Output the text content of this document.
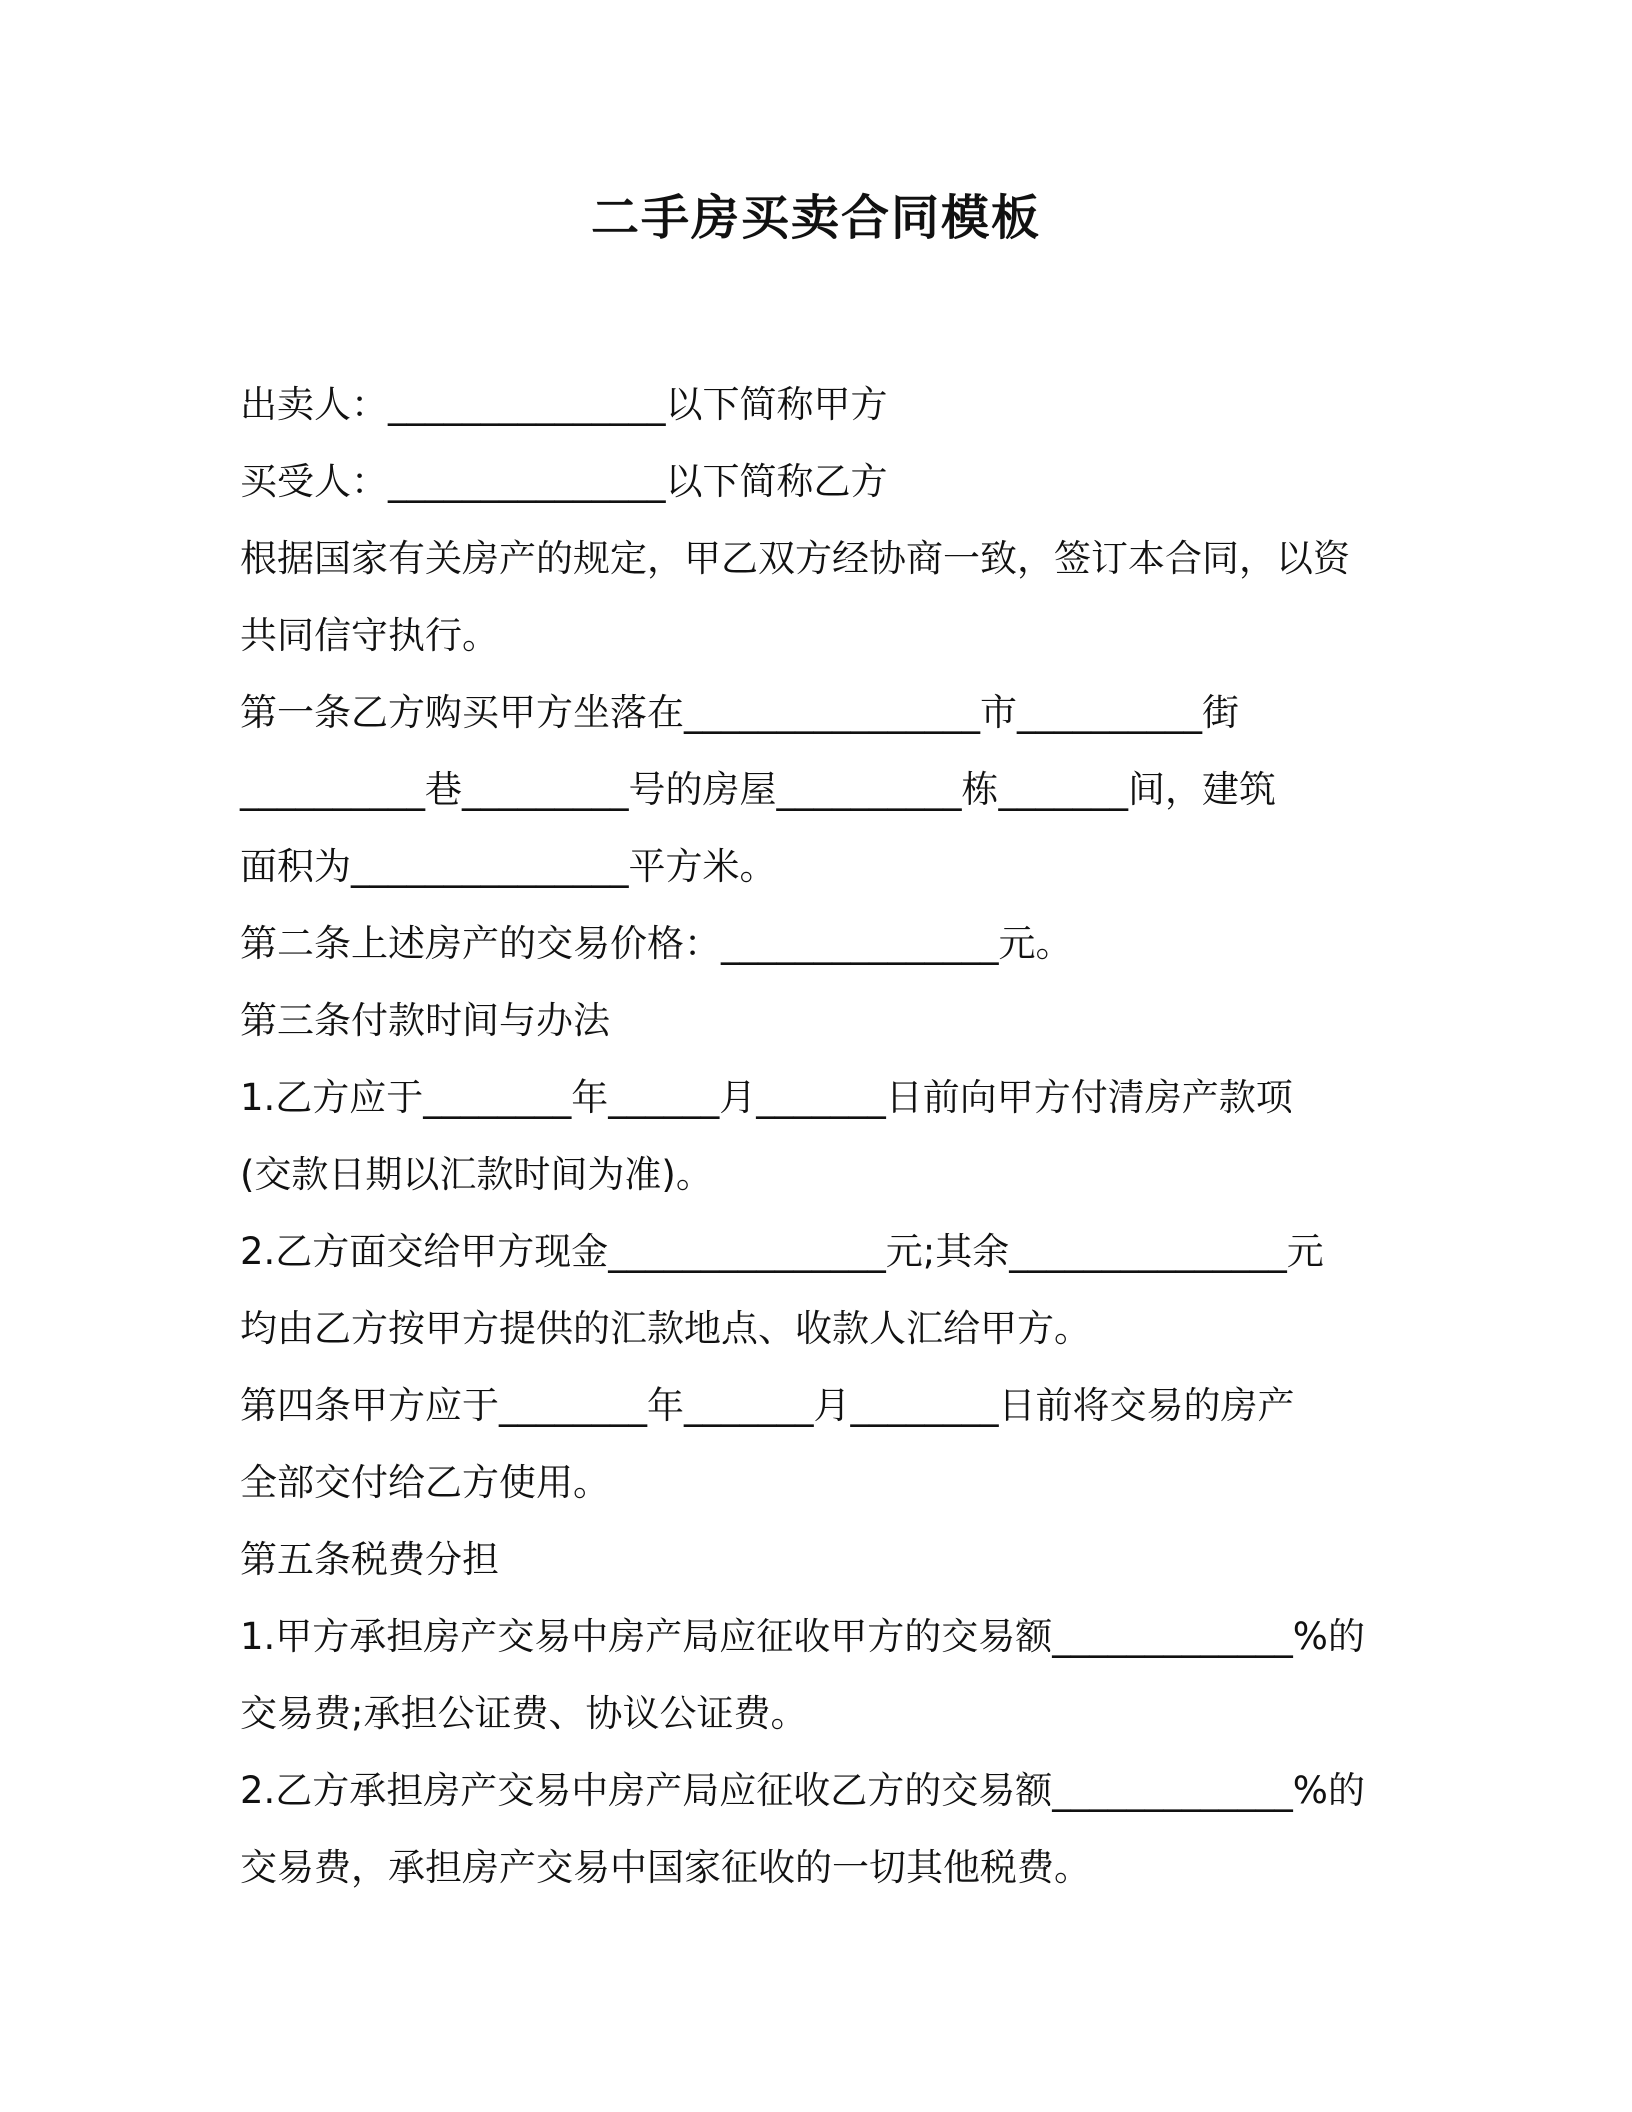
二手房买卖合同模板
出卖人：_______________以下简称甲方
买受人：_______________以下简称乙方
根据国家有关房产的规定，甲乙双方经协商一致，签订本合同，以资
共同信守执行。
第一条乙方购买甲方坐落在________________市__________街
__________巷_________号的房屋__________栋_______间，建筑
面积为_______________平方米。
第二条上述房产的交易价格：_______________元。
第三条付款时间与办法
1.乙方应于________年______月_______日前向甲方付清房产款项
(交款日期以汇款时间为准)。
2.乙方面交给甲方现金_______________元;其余_______________元
均由乙方按甲方提供的汇款地点、收款人汇给甲方。
第四条甲方应于________年_______月________日前将交易的房产
全部交付给乙方使用。
第五条税费分担
1.甲方承担房产交易中房产局应征收甲方的交易额_____________%的
交易费;承担公证费、协议公证费。
2.乙方承担房产交易中房产局应征收乙方的交易额_____________%的
交易费，承担房产交易中国家征收的一切其他税费。
